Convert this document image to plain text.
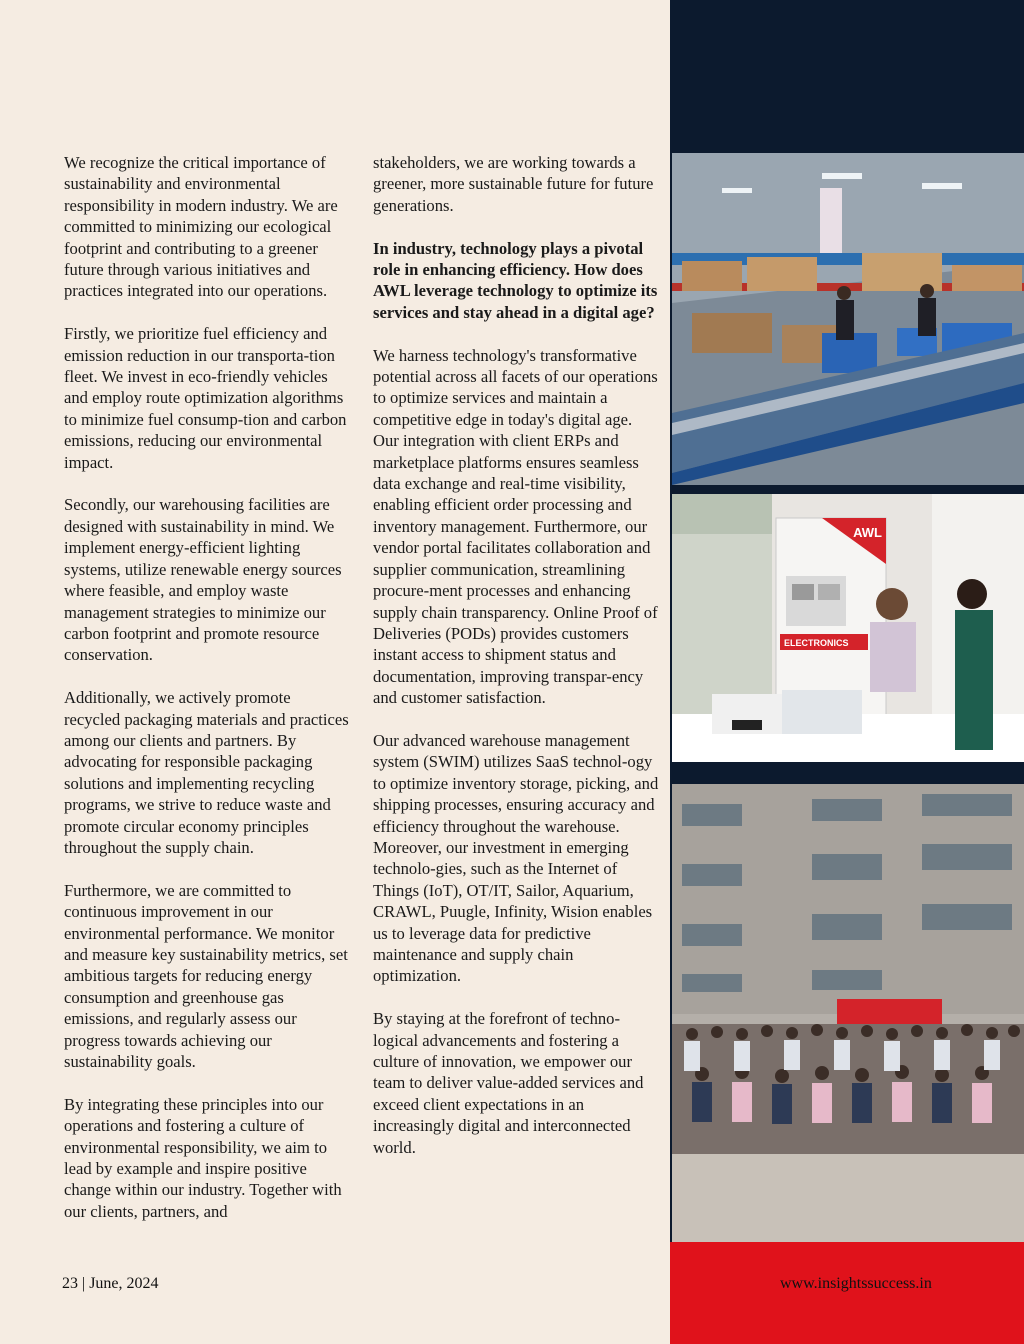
AWL
ELECTRONICS

We recognize the critical importance of sustainability and environmental responsibility in modern industry. We are committed to minimizing our ecological footprint and contributing to a greener future through various initiatives and practices integrated into our operations.

Firstly, we prioritize fuel efficiency and emission reduction in our transporta-tion fleet. We invest in eco-friendly vehicles and employ route optimization algorithms to minimize fuel consump-tion and carbon emissions, reducing our environmental impact.

Secondly, our warehousing facilities are designed with sustainability in mind. We implement energy-efficient lighting systems, utilize renewable energy sources where feasible, and employ waste management strategies to minimize our carbon footprint and promote resource conservation.

Additionally, we actively promote recycled packaging materials and practices among our clients and partners. By advocating for responsible packaging solutions and implementing recycling programs, we strive to reduce waste and promote circular economy principles throughout the supply chain.

Furthermore, we are committed to continuous improvement in our environmental performance. We monitor and measure key sustainability metrics, set ambitious targets for reducing energy consumption and greenhouse gas emissions, and regularly assess our progress towards achieving our sustainability goals.

By integrating these principles into our operations and fostering a culture of environmental responsibility, we aim to lead by example and inspire positive change within our industry. Together with our clients, partners, and

stakeholders, we are working towards a greener, more sustainable future for future generations.

In industry, technology plays a pivotal role in enhancing efficiency. How does AWL leverage technology to optimize its services and stay ahead in a digital age?

We harness technology's transformative potential across all facets of our operations to optimize services and maintain a competitive edge in today's digital age. Our integration with client ERPs and marketplace platforms ensures seamless data exchange and real-time visibility, enabling efficient order processing and inventory management. Furthermore, our vendor portal facilitates collaboration and supplier communication, streamlining procure-ment processes and enhancing supply chain transparency. Online Proof of Deliveries (PODs) provides customers instant access to shipment status and documentation, improving transpar-ency and customer satisfaction.

Our advanced warehouse management system (SWIM) utilizes SaaS technol-ogy to optimize inventory storage, picking, and shipping processes, ensuring accuracy and efficiency throughout the warehouse. Moreover, our investment in emerging technolo-gies, such as the Internet of Things (IoT), OT/IT, Sailor, Aquarium, CRAWL, Puugle, Infinity, Wision enables us to leverage data for predictive maintenance and supply chain optimization.

By staying at the forefront of techno-logical advancements and fostering a culture of innovation, we empower our team to deliver value-added services and exceed client expectations in an increasingly digital and interconnected world.

23 | June, 2024	www.insightssuccess.in
